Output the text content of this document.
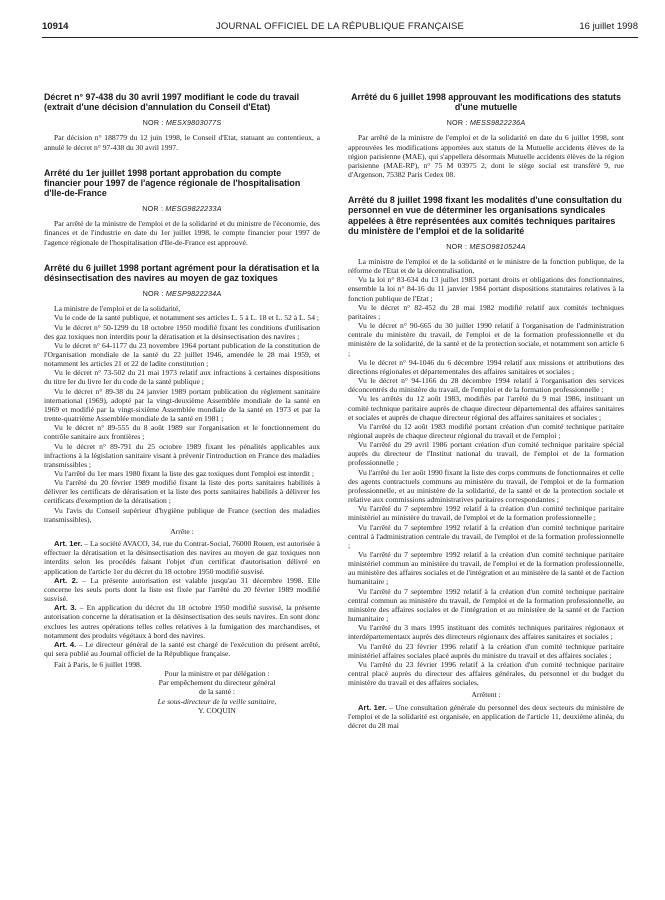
10914	JOURNAL OFFICIEL DE LA RÉPUBLIQUE FRANÇAISE	16 juillet 1998
Décret n° 97-438 du 30 avril 1997 modifiant le code du travail (extrait d'une décision d'annulation du Conseil d'Etat)
NOR : MESX9803077S

Par décision n° 188779 du 12 juin 1998, le Conseil d'Etat, statuant au contentieux, a annulé le décret n° 97-438 du 30 avril 1997.

Arrêté du 1er juillet 1998 portant approbation du compte financier pour 1997 de l'agence régionale de l'hospitalisation d'Ile-de-France
NOR : MESG9822233A

Par arrêté de la ministre de l'emploi et de la solidarité et du ministre de l'économie, des finances et de l'industrie en date du 1er juillet 1998, le compte financier pour 1997 de l'agence régionale de l'hospitalisation d'Ile-de-France est approuvé.

Arrêté du 6 juillet 1998 portant agrément pour la dératisation et la désinsectisation des navires au moyen de gaz toxiques
NOR : MESP9822234A

La ministre de l'emploi et de la solidarité,

Vu le code de la santé publique, et notamment ses articles L. 5 à L. 18 et L. 52 à L. 54 ;

Vu le décret n° 50-1299 du 18 octobre 1950 modifié fixant les conditions d'utilisation des gaz toxiques non interdits pour la dératisation et la désinsectisation des navires ;

Vu le décret n° 64-1177 du 23 novembre 1964 portant publication de la constitution de l'Organisation mondiale de la santé du 22 juillet 1946, amendée le 28 mai 1959, et notamment les articles 21 et 22 de ladite constitution ;

Vu le décret n° 73-502 du 21 mai 1973 relatif aux infractions à certaines dispositions du titre Ier du livre Ier du code de la santé publique ;

Vu le décret n° 89-38 du 24 janvier 1989 portant publication du règlement sanitaire international (1969), adopté par la vingt-deuxième Assemblée mondiale de la santé en 1969 et modifié par la vingt-sixième Assemblée mondiale de la santé en 1973 et par la trente-quatrième Assemblée mondiale de la santé en 1981 ;

Vu le décret n° 89-555 du 8 août 1989 sur l'organisation et le fonctionnement du contrôle sanitaire aux frontières ;

Vu le décret n° 89-791 du 25 octobre 1989 fixant les pénalités applicables aux infractions à la législation sanitaire visant à prévenir l'introduction en France des maladies transmissibles ;

Vu l'arrêté du 1er mars 1980 fixant la liste des gaz toxiques dont l'emploi est interdit ;

Vu l'arrêté du 20 février 1989 modifié fixant la liste des ports sanitaires habilités à délivrer les certificats de dératisation et la liste des ports sanitaires habilités à délivrer les certificats d'exemption de la dératisation ;

Vu l'avis du Conseil supérieur d'hygiène publique de France (section des maladies transmissibles),

Arrête :

Art. 1er. – La société AVACO, 34, rue du Contrat-Social, 76000 Rouen, est autorisée à effectuer la dératisation et la désinsectisation des navires au moyen de gaz toxiques non interdits selon les procédés faisant l'objet d'un certificat d'autorisation délivré en application de l'article 1er du décret du 18 octobre 1950 modifié susvisé.

Art. 2. – La présente autorisation est valable jusqu'au 31 décembre 1998. Elle concerne les seuls ports dont la liste est fixée par l'arrêté du 20 février 1989 modifié susvisé.

Art. 3. – En application du décret du 18 octobre 1950 modifié susvisé, la présente autorisation concerne la dératisation et la désinsectisation des seuls navires. En sont donc exclues les autres opérations telles celles relatives à la fumigation des marchandises, et notamment des produits végétaux à bord des navires.

Art. 4. – Le directeur général de la santé est chargé de l'exécution du présent arrêté, qui sera publié au Journal officiel de la République française.

Fait à Paris, le 6 juillet 1998.

Pour la ministre et par délégation :
Par empêchement du directeur général
de la santé :
Le sous-directeur de la veille sanitaire,
Y. COQUIN
Arrêté du 6 juillet 1998 approuvant les modifications des statuts d'une mutuelle
NOR : MESS9822236A

Par arrêté de la ministre de l'emploi et de la solidarité en date du 6 juillet 1998, sont approuvées les modifications apportées aux statuts de la Mutuelle accidents élèves de la région parisienne (MAE), qui s'appellera désormais Mutuelle accidents élèves de la région parisienne (MAE-RP), n° 75 M 03975 2, dont le siège social est transféré 9, rue d'Argenson, 75382 Paris Cedex 08.

Arrêté du 8 juillet 1998 fixant les modalités d'une consultation du personnel en vue de déterminer les organisations syndicales appelées à être représentées aux comités techniques paritaires du ministère de l'emploi et de la solidarité
NOR : MESO9810524A

La ministre de l'emploi et de la solidarité et le ministre de la fonction publique, de la réforme de l'Etat et de la décentralisation,

Vu la loi n° 83-634 du 13 juillet 1983 portant droits et obligations des fonctionnaires, ensemble la loi n° 84-16 du 11 janvier 1984 portant dispositions statutaires relatives à la fonction publique de l'Etat ;

Vu le décret n° 82-452 du 28 mai 1982 modifié relatif aux comités techniques paritaires ;

Vu le décret n° 90-665 du 30 juillet 1990 relatif à l'organisation de l'administration centrale du ministère du travail, de l'emploi et de la formation professionnelle et du ministère de la solidarité, de la santé et de la protection sociale, et notamment son article 6 ;

Vu le décret n° 94-1046 du 6 décembre 1994 relatif aux missions et attributions des directions régionales et départementales des affaires sanitaires et sociales ;

Vu le décret n° 94-1166 du 28 décembre 1994 relatif à l'organisation des services déconcentrés du ministère du travail, de l'emploi et de la formation professionnelle ;

Vu les arrêtés du 12 août 1983, modifiés par l'arrêté du 9 mai 1986, instituant un comité technique paritaire auprès de chaque directeur départemental des affaires sanitaires et sociales et auprès de chaque directeur régional des affaires sanitaires et sociales ;

Vu l'arrêté du 12 août 1983 modifié portant création d'un comité technique paritaire régional auprès de chaque directeur régional du travail et de l'emploi ;

Vu l'arrêté du 29 avril 1986 portant création d'un comité technique paritaire spécial auprès du directeur de l'Institut national du travail, de l'emploi et de la formation professionnelle ;

Vu l'arrêté du 1er août 1990 fixant la liste des corps communs de fonctionnaires et celle des agents contractuels communs au ministère du travail, de l'emploi et de la formation professionnelle, et au ministère de la solidarité, de la santé et de la protection sociale et relative aux commissions administratives paritaires correspondantes ;

Vu l'arrêté du 7 septembre 1992 relatif à la création d'un comité technique paritaire ministériel au ministère du travail, de l'emploi et de la formation professionnelle ;

Vu l'arrêté du 7 septembre 1992 relatif à la création d'un comité technique paritaire central à l'administration centrale du travail, de l'emploi et de la formation professionnelle ;

Vu l'arrêté du 7 septembre 1992 relatif à la création d'un comité technique paritaire ministériel commun au ministère du travail, de l'emploi et de la formation professionnelle, au ministère des affaires sociales et de l'intégration et au ministère de la santé et de l'action humanitaire ;

Vu l'arrêté du 7 septembre 1992 relatif à la création d'un comité technique paritaire central commun au ministère du travail, de l'emploi et de la formation professionnelle, au ministère des affaires sociales et de l'intégration et au ministère de la santé et de l'action humanitaire ;

Vu l'arrêté du 3 mars 1995 instituant des comités techniques paritaires régionaux et interdépartementaux auprès des directeurs régionaux des affaires sanitaires et sociales ;

Vu l'arrêté du 23 février 1996 relatif à la création d'un comité technique paritaire ministériel affaires sociales placé auprès du ministre du travail et des affaires sociales ;

Vu l'arrêté du 23 février 1996 relatif à la création d'un comité technique paritaire central placé auprès du directeur des affaires générales, du personnel et du budget du ministère du travail et des affaires sociales,

Arrêtent :

Art. 1er. – Une consultation générale du personnel des deux secteurs du ministère de l'emploi et de la solidarité est organisée, en application de l'article 11, deuxième alinéa, du décret du 28 mai
